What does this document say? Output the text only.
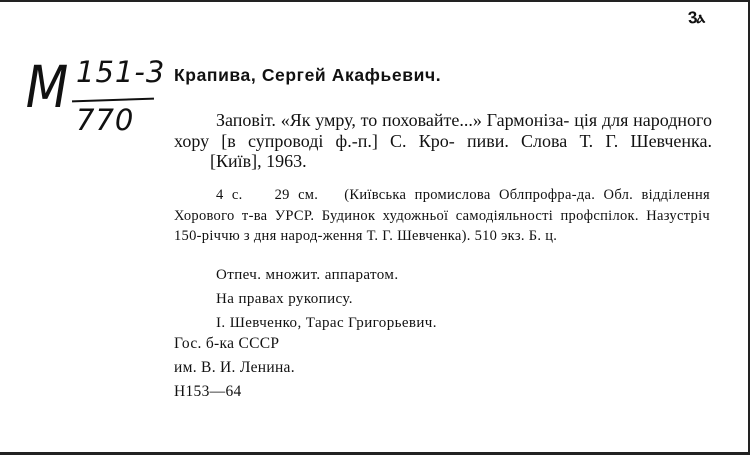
3ⲁ
M 151-3
770
Крапива, Сергей Акафьевич.

Заповіт. «Як умру, то поховайте...» Гармоніза- ція для народного хору [в супроводі ф.-п.] С. Кро- пиви. Слова Т. Г. Шевченка.[Київ], 1963.

4 с. 29 см. (Київська промислова Облпрофра-да. Обл. відділення Хорового т-ва УРСР. Будинок художньої самодіяльності профспілок. Назустріч 150-річчю з дня народ-ження Т. Г. Шевченка). 510 экз. Б. ц.

Отпеч. множит. аппаратом.
На правах рукопису.
I. Шевченко, Тарас Григорьевич.
Гос. б-ка СССР
им. В. И. Ленина.
Н153—64
